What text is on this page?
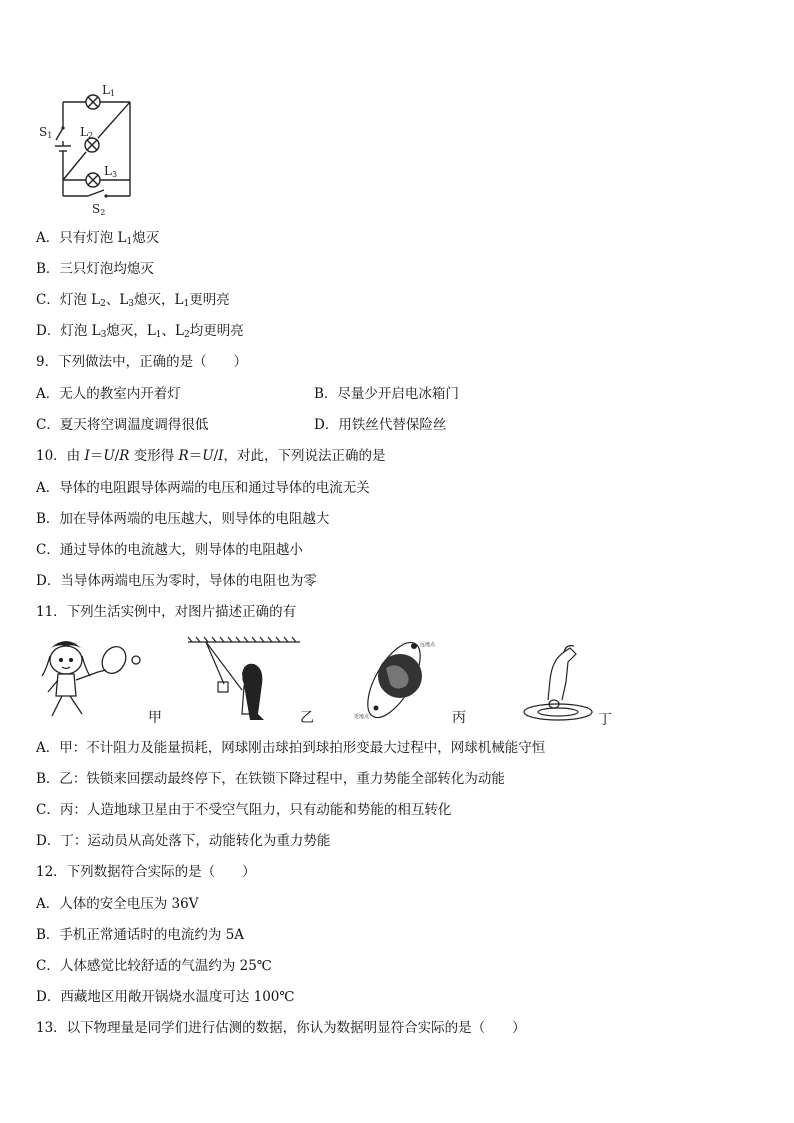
L1
L2
L3
S1
S2
A．只有灯泡 $L_1$熄灭
B．三只灯泡均熄灭
C．灯泡 $L_2$、$L_3$熄灭，$L_1$更明亮
D．灯泡 $L_3$熄灭，$L_1$、$L_2$均更明亮
9．下列做法中，正确的是（　　）
A．无人的教室内开着灯	B．尽量少开启电冰箱门
C．夏天将空调温度调得很低	D．用铁丝代替保险丝
10．由 I＝U/R 变形得 R＝U/I，对此，下列说法正确的是
A．导体的电阻跟导体两端的电压和通过导体的电流无关
B．加在导体两端的电压越大，则导体的电阻越大
C．通过导体的电流越大，则导体的电阻越小
D．当导体两端电压为零时，导体的电阻也为零
11．下列生活实例中，对图片描述正确的有
甲	乙	近地点
远地点
丙	丁
A．甲：不计阻力及能量损耗，网球刚击球拍到球拍形变最大过程中，网球机械能守恒
B．乙：铁锁来回摆动最终停下，在铁锁下降过程中，重力势能全部转化为动能
C．丙：人造地球卫星由于不受空气阻力，只有动能和势能的相互转化
D．丁：运动员从高处落下，动能转化为重力势能
12．下列数据符合实际的是（　　）
A．人体的安全电压为 36V
B．手机正常通话时的电流约为 5A
C．人体感觉比较舒适的气温约为 25℃
D．西藏地区用敞开锅烧水温度可达 100℃
13．以下物理量是同学们进行估测的数据，你认为数据明显符合实际的是（　　）
